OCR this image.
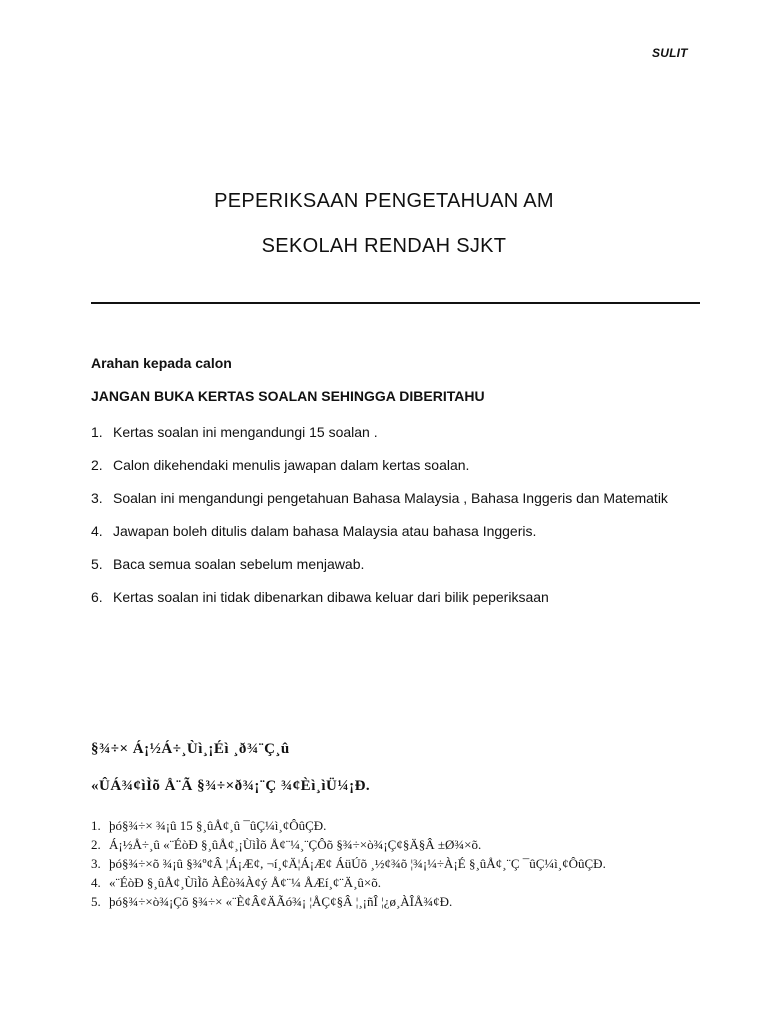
SULIT
PEPERIKSAAN PENGETAHUAN AM
SEKOLAH RENDAH SJKT
Arahan kepada calon
JANGAN BUKA KERTAS SOALAN SEHINGGA DIBERITAHU
1. Kertas soalan ini mengandungi 15 soalan .
2. Calon dikehendaki menulis jawapan dalam kertas soalan.
3. Soalan ini mengandungi pengetahuan Bahasa Malaysia , Bahasa Inggeris dan Matematik
4. Jawapan boleh ditulis dalam bahasa Malaysia atau bahasa Inggeris.
5. Baca semua soalan sebelum menjawab.
6. Kertas soalan ini tidak dibenarkan dibawa keluar dari bilik peperiksaan
§¾÷× Á¡½Á÷¸Ùì¸¡Éì ¸ð¾¨Ç¸û
«ÛÁ¾¢ìÌõ Å¨Ã §¾÷×ð¾¡¨Ç ¾¢Èì¸ìÜ¼¡Ð.
1. þó§¾÷× ¾¡û 15 §¸ûÅ¢¸û ¯ûÇ¼ì¸¢ÔûÇÐ.
2. Á¡½Å÷¸û «¨ÉòÐ §¸ûÅ¢¸¡ÙìÌõ Å¢¨¼¸¨ÇÔõ §¾÷×ò¾¡Ç¢§Ä§Â ±Ø¾×õ.
3. þó§¾÷×õ ¾¡û §¾º¢Â ¦Á¡Æ¢, ¬í¸¢Ä¦Á¡Æ¢ ÁüÚõ ¸½¢¾õ ¦¾¡¼÷À¡É §¸ûÅ¢¸¨Ç ¯ûÇ¼ì¸¢ÔûÇÐ.
4. «¨ÉòÐ §¸ûÅ¢¸ÙìÌõ ÀÊò¾À¢ý Å¢¨¼ ÅÆí¸¢¨Ä¸û×õ.
5. þó§¾÷×ò¾¡Çõ §¾÷× «¨È¢Â¢ÄÃó¾¡ ¦ÅÇ¢§Â ¦¸¡ñÎ ¦¿ø¸ÀÎÅ¾¢Ð.
